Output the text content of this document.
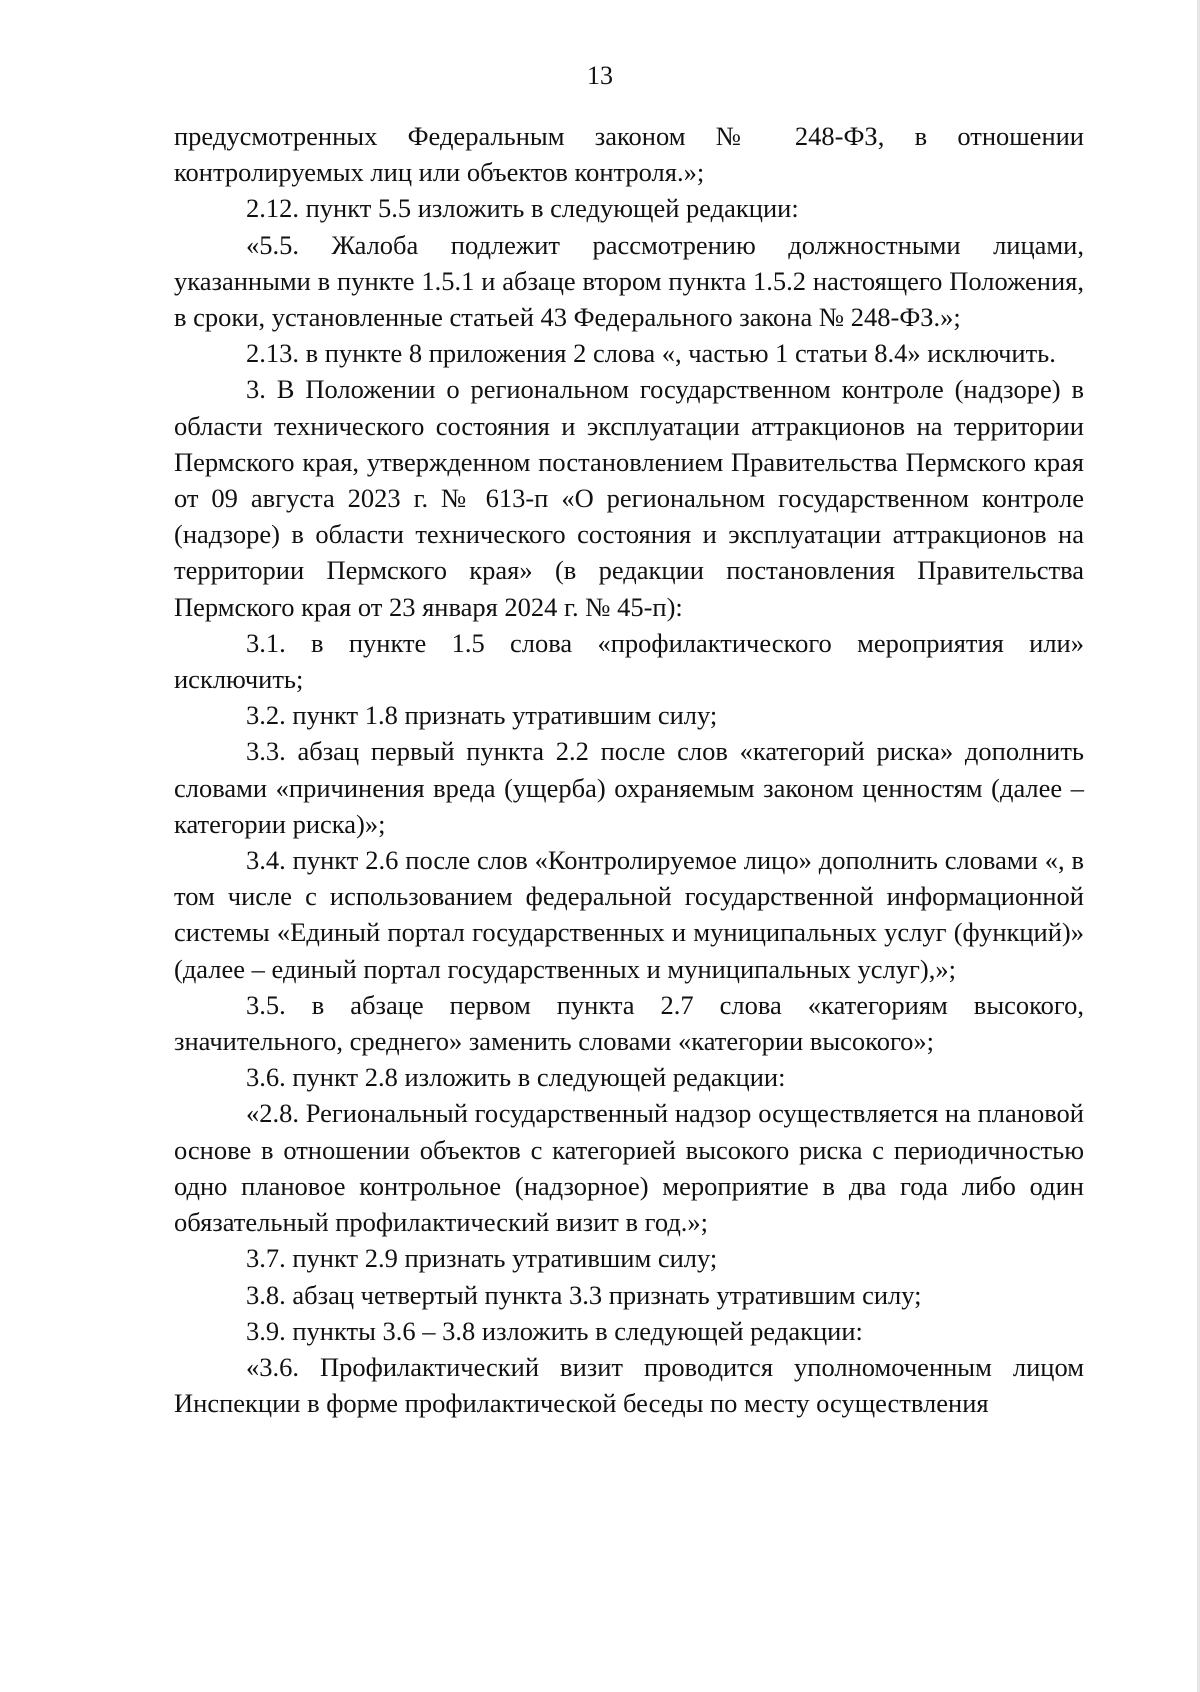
13

предусмотренных Федеральным законом № 248-ФЗ, в отношении контролируемых лиц или объектов контроля.»;

2.12. пункт 5.5 изложить в следующей редакции:

«5.5. Жалоба подлежит рассмотрению должностными лицами, указанными в пункте 1.5.1 и абзаце втором пункта 1.5.2 настоящего Положения, в сроки, установленные статьей 43 Федерального закона № 248-ФЗ.»;

2.13. в пункте 8 приложения 2 слова «, частью 1 статьи 8.4» исключить.

3. В Положении о региональном государственном контроле (надзоре) в области технического состояния и эксплуатации аттракционов на территории Пермского края, утвержденном постановлением Правительства Пермского края от 09 августа 2023 г. № 613-п «О региональном государственном контроле (надзоре) в области технического состояния и эксплуатации аттракционов на территории Пермского края» (в редакции постановления Правительства Пермского края от 23 января 2024 г. № 45-п):

3.1. в пункте 1.5 слова «профилактического мероприятия или» исключить;

3.2. пункт 1.8 признать утратившим силу;

3.3. абзац первый пункта 2.2 после слов «категорий риска» дополнить словами «причинения вреда (ущерба) охраняемым законом ценностям (далее – категории риска)»;

3.4. пункт 2.6 после слов «Контролируемое лицо» дополнить словами «, в том числе с использованием федеральной государственной информационной системы «Единый портал государственных и муниципальных услуг (функций)» (далее – единый портал государственных и муниципальных услуг),»;

3.5. в абзаце первом пункта 2.7 слова «категориям высокого, значительного, среднего» заменить словами «категории высокого»;

3.6. пункт 2.8 изложить в следующей редакции:

«2.8. Региональный государственный надзор осуществляется на плановой основе в отношении объектов с категорией высокого риска с периодичностью одно плановое контрольное (надзорное) мероприятие в два года либо один обязательный профилактический визит в год.»;

3.7. пункт 2.9 признать утратившим силу;

3.8. абзац четвертый пункта 3.3 признать утратившим силу;

3.9. пункты 3.6 – 3.8 изложить в следующей редакции:

«3.6. Профилактический визит проводится уполномоченным лицом Инспекции в форме профилактической беседы по месту осуществления
